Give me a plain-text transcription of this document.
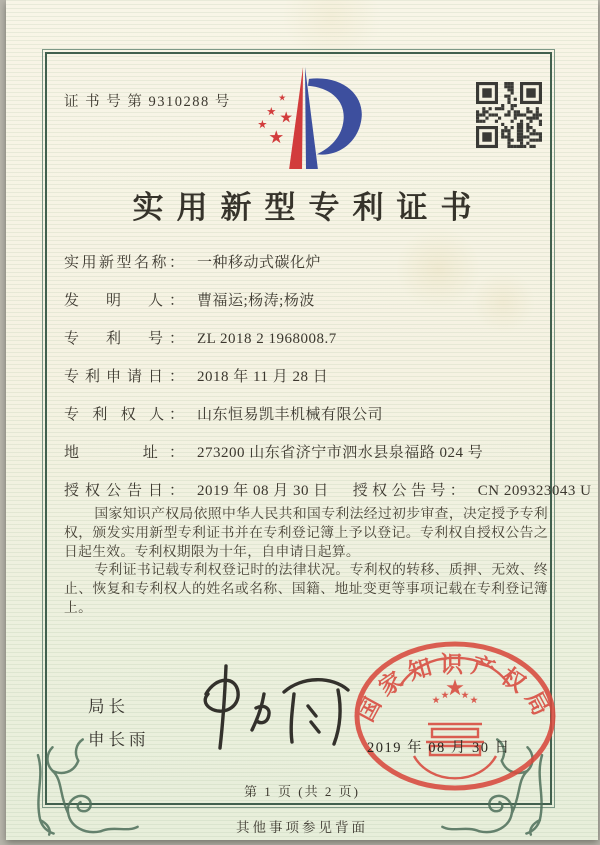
证 书 号 第 9310288 号
实用新型专利证书
实用新型名称： 一种移动式碳化炉
发　明　人： 曹福运;杨涛;杨波
专　利　号： ZL 2018 2 1968008.7
专利申请日： 2018 年 11 月 28 日
专 利 权 人： 山东恒易凯丰机械有限公司
地　　址： 273200 山东省济宁市泗水县泉福路 024 号
授权公告日： 2019 年 08 月 30 日 授权公告号： CN 209323043 U

国家知识产权局依照中华人民共和国专利法经过初步审查，决定授予专利权，颁发实用新型专利证书并在专利登记簿上予以登记。专利权自授权公告之日起生效。专利权期限为十年，自申请日起算。

专利证书记载专利权登记时的法律状况。专利权的转移、质押、无效、终止、恢复和专利权人的姓名或名称、国籍、地址变更等事项记载在专利登记簿上。

局长
申长雨
国家知识产权局
2019 年 08 月 30 日
第 1 页 (共 2 页)
其他事项参见背面
